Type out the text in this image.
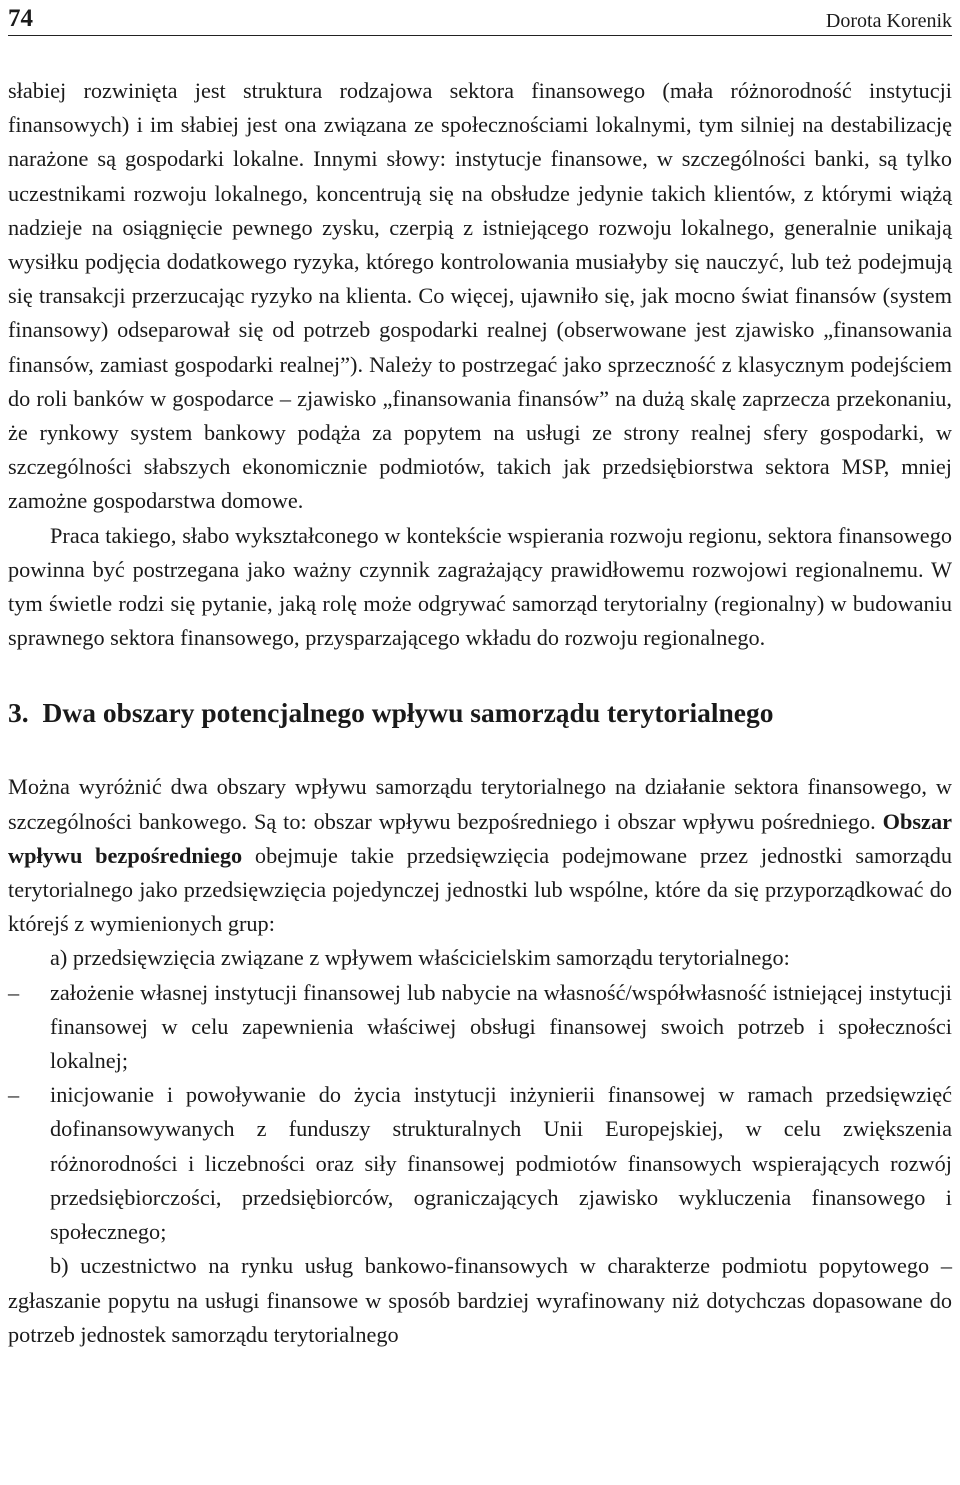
74	Dorota Korenik

słabiej rozwinięta jest struktura rodzajowa sektora finansowego (mała różnorodność instytucji finansowych) i im słabiej jest ona związana ze społecznościami lokalnymi, tym silniej na destabilizację narażone są gospodarki lokalne. Innymi słowy: instytucje finansowe, w szczególności banki, są tylko uczestnikami rozwoju lokalnego, koncentrują się na obsłudze jedynie takich klientów, z którymi wiążą nadzieje na osiągnięcie pewnego zysku, czerpią z istniejącego rozwoju lokalnego, generalnie unikają wysiłku podjęcia dodatkowego ryzyka, którego kontrolowania musiałyby się nauczyć, lub też podejmują się transakcji przerzucając ryzyko na klienta. Co więcej, ujawniło się, jak mocno świat finansów (system finansowy) odseparował się od potrzeb gospodarki realnej (obserwowane jest zjawisko „finansowania finansów, zamiast gospodarki realnej”). Należy to postrzegać jako sprzeczność z klasycznym podejściem do roli banków w gospodarce – zjawisko „finansowania finansów” na dużą skalę zaprzecza przekonaniu, że rynkowy system bankowy podąża za popytem na usługi ze strony realnej sfery gospodarki, w szczególności słabszych ekonomicznie podmiotów, takich jak przedsiębiorstwa sektora MSP, mniej zamożne gospodarstwa domowe.

Praca takiego, słabo wykształconego w kontekście wspierania rozwoju regionu, sektora finansowego powinna być postrzegana jako ważny czynnik zagrażający prawidłowemu rozwojowi regionalnemu. W tym świetle rodzi się pytanie, jaką rolę może odgrywać samorząd terytorialny (regionalny) w budowaniu sprawnego sektora finansowego, przysparzającego wkładu do rozwoju regionalnego.

3. Dwa obszary potencjalnego wpływu samorządu terytorialnego

Można wyróżnić dwa obszary wpływu samorządu terytorialnego na działanie sektora finansowego, w szczególności bankowego. Są to: obszar wpływu bezpośredniego i obszar wpływu pośredniego. Obszar wpływu bezpośredniego obejmuje takie przedsięwzięcia podejmowane przez jednostki samorządu terytorialnego jako przedsięwzięcia pojedynczej jednostki lub wspólne, które da się przyporządkować do którejś z wymienionych grup:

a) przedsięwzięcia związane z wpływem właścicielskim samorządu terytorialnego:

– założenie własnej instytucji finansowej lub nabycie na własność/współwłasność istniejącej instytucji finansowej w celu zapewnienia właściwej obsługi finansowej swoich potrzeb i społeczności lokalnej;
– inicjowanie i powoływanie do życia instytucji inżynierii finansowej w ramach przedsięwzięć dofinansowywanych z funduszy strukturalnych Unii Europejskiej, w celu zwiększenia różnorodności i liczebności oraz siły finansowej podmiotów finansowych wspierających rozwój przedsiębiorczości, przedsiębiorców, ograniczających zjawisko wykluczenia finansowego i społecznego;

b) uczestnictwo na rynku usług bankowo-finansowych w charakterze podmiotu popytowego – zgłaszanie popytu na usługi finansowe w sposób bardziej wyrafinowany niż dotychczas dopasowane do potrzeb jednostek samorządu terytorialnego
